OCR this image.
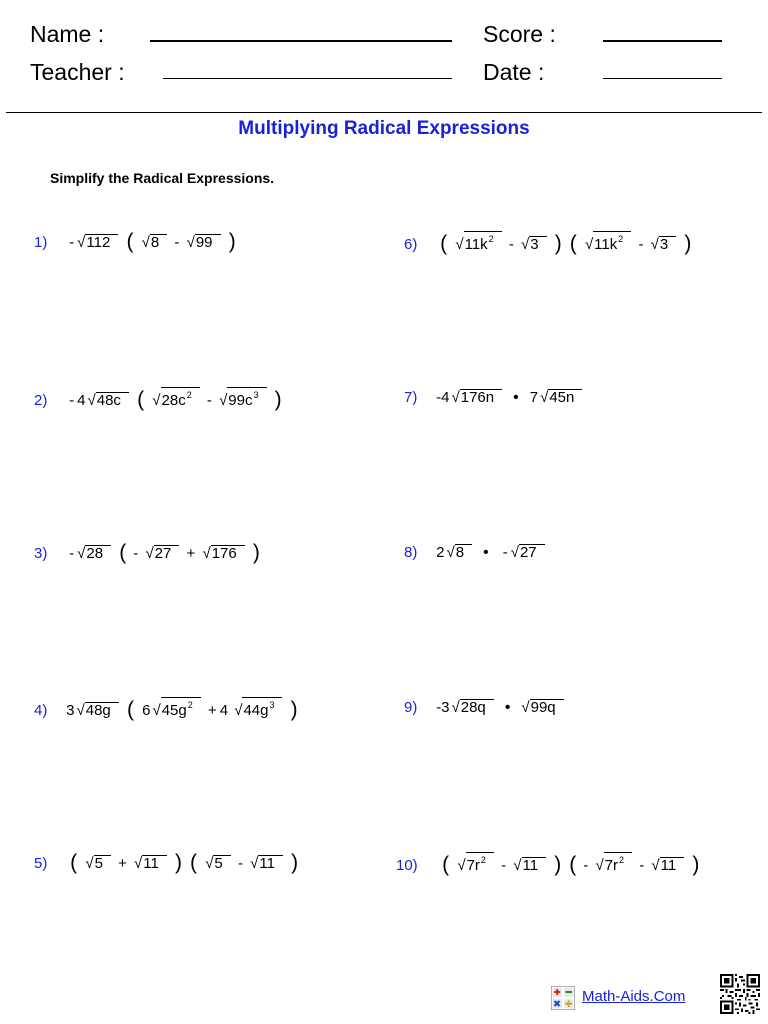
Name :
Teacher :
Score :
Date :
Multiplying Radical Expressions
Simplify the Radical Expressions.
1) - √112 ( √8 - √99 )
2) - 4 √48c ( $√28c^2 - √99c^3$ )
3) - √28 ( - √27 + √176 )
4) 3 √48g ( 6 $√45g^2 + 4$ $√44g^3$ )
5) ( √5 + √11 ) ( √5 - √11 )
6) ( $√11k^2 - √3$ ) ( $√11k^2 - √3$ )
7) -4 √176n • 7 √45n
8) 2 √8 • - √27
9) -3 √28q • √99q
10) ( $√7r^2 - √11$ ) ( - $√7r^2 - √11$ )
Math-Aids.Com
